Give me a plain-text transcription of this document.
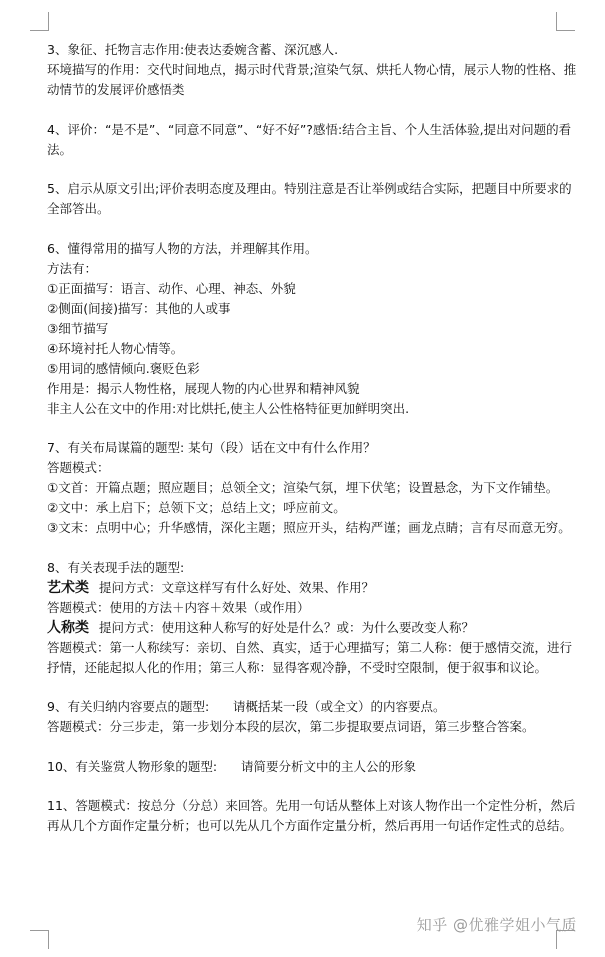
3、象征、托物言志作用:使表达委婉含蓄、深沉感人.
环境描写的作用：交代时间地点，揭示时代背景;渲染气氛、烘托人物心情，展示人物的性格、推动情节的发展评价感悟类
4、评价：“是不是”、“同意不同意”、“好不好”?感悟:结合主旨、个人生活体验,提出对问题的看法。
5、启示从原文引出;评价表明态度及理由。特别注意是否让举例或结合实际，把题目中所要求的全部答出。
6、懂得常用的描写人物的方法，并理解其作用。
方法有：
①正面描写：语言、动作、心理、神态、外貌
②侧面(间接)描写：其他的人或事
③细节描写
④环境衬托人物心情等。
⑤用词的感情倾向.褒贬色彩
作用是：揭示人物性格，展现人物的内心世界和精神风貌
非主人公在文中的作用:对比烘托,使主人公性格特征更加鲜明突出.
7、有关布局谋篇的题型: 某句（段）话在文中有什么作用？
答题模式：
①文首：开篇点题；照应题目；总领全文；渲染气氛，埋下伏笔；设置悬念，为下文作铺垫。
②文中：承上启下；总领下文；总结上文；呼应前文。
③文末：点明中心；升华感情，深化主题；照应开头，结构严谨；画龙点睛；言有尽而意无穷。
8、有关表现手法的题型:
艺术类 提问方式：文章这样写有什么好处、效果、作用？
答题模式：使用的方法＋内容＋效果（或作用）
人称类 提问方式：使用这种人称写的好处是什么？或：为什么要改变人称？
答题模式：第一人称续写：亲切、自然、真实，适于心理描写；第二人称：便于感情交流，进行抒情，还能起拟人化的作用；第三人称：显得客观冷静，不受时空限制，便于叙事和议论。
9、有关归纳内容要点的题型:      请概括某一段（或全文）的内容要点。
答题模式：分三步走，第一步划分本段的层次，第二步提取要点词语，第三步整合答案。
10、有关鉴赏人物形象的题型:      请简要分析文中的主人公的形象
11、答题模式：按总分（分总）来回答。先用一句话从整体上对该人物作出一个定性分析，然后再从几个方面作定量分析；也可以先从几个方面作定量分析，然后再用一句话作定性式的总结。
知乎 @优雅学姐小气质
